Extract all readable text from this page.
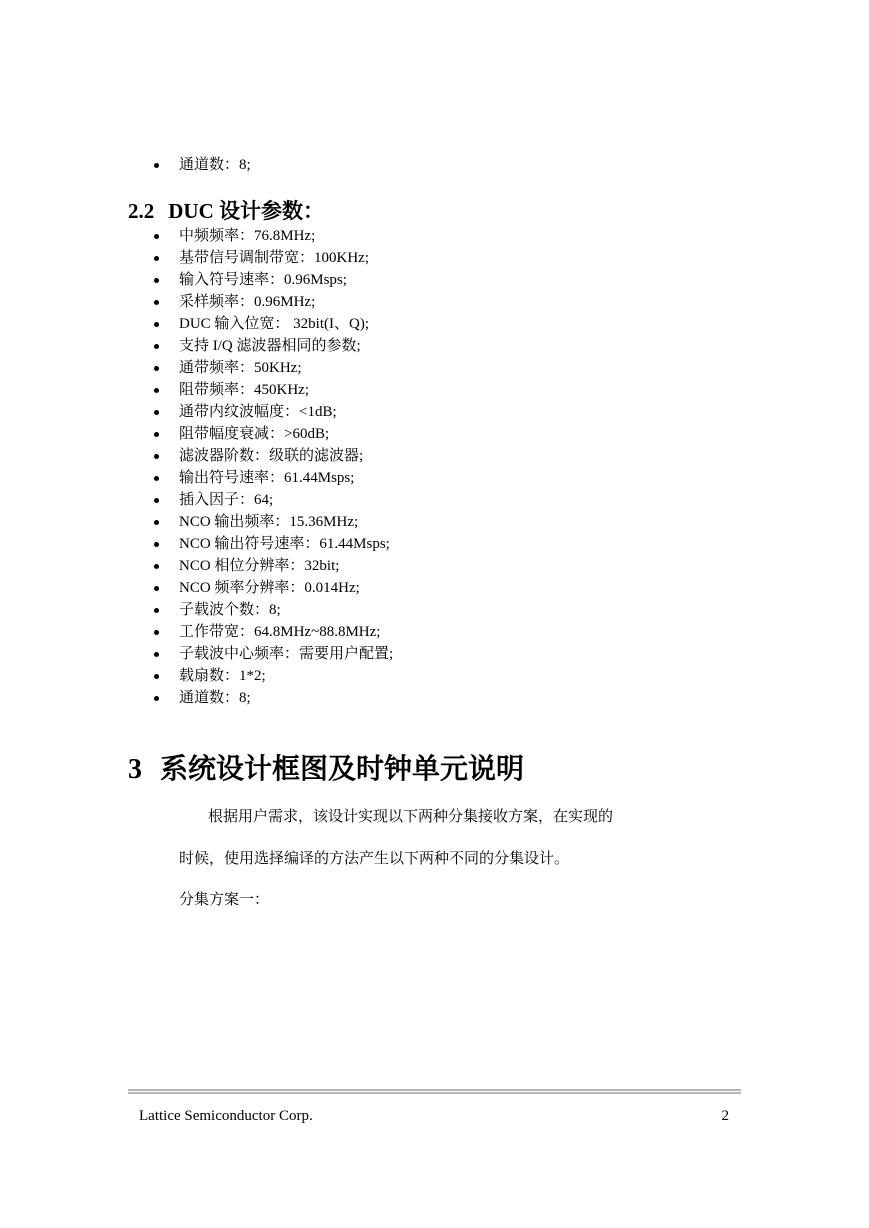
通道数：8;
2.2 DUC 设计参数：
中频频率：76.8MHz;
基带信号调制带宽：100KHz;
输入符号速率：0.96Msps;
采样频率：0.96MHz;
DUC 输入位宽： 32bit(I、Q);
支持 I/Q 滤波器相同的参数;
通带频率：50KHz;
阻带频率：450KHz;
通带内纹波幅度：<1dB;
阻带幅度衰减：>60dB;
滤波器阶数：级联的滤波器;
输出符号速率：61.44Msps;
插入因子：64;
NCO 输出频率：15.36MHz;
NCO 输出符号速率：61.44Msps;
NCO 相位分辨率：32bit;
NCO 频率分辨率：0.014Hz;
子载波个数：8;
工作带宽：64.8MHz~88.8MHz;
子载波中心频率：需要用户配置;
载扇数：1*2;
通道数：8;
3 系统设计框图及时钟单元说明
根据用户需求，该设计实现以下两种分集接收方案，在实现的
时候，使用选择编译的方法产生以下两种不同的分集设计。
分集方案一：
Lattice Semiconductor Corp.	2
